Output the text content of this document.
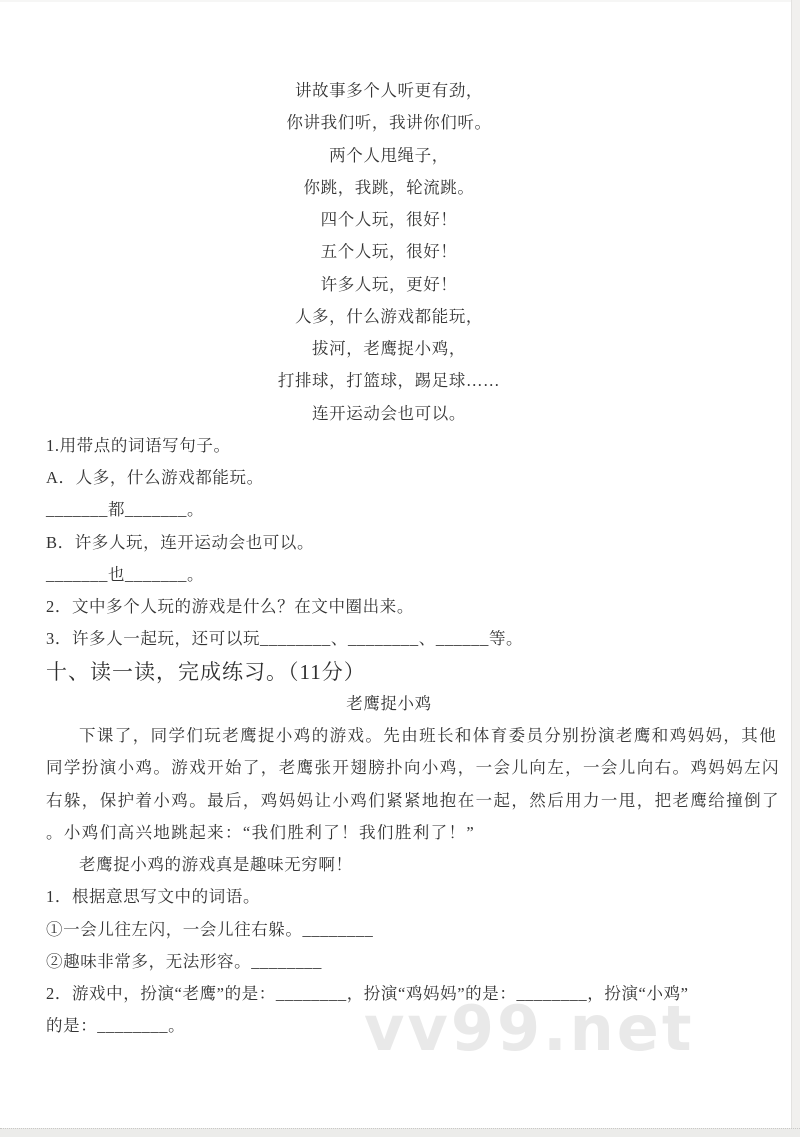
vv99.net
讲故事多个人听更有劲，
你讲我们听，我讲你们听。
两个人甩绳子，
你跳，我跳，轮流跳。
四个人玩，很好！
五个人玩，很好！
许多人玩，更好！
人多，什么游戏都能玩，
拔河，老鹰捉小鸡，
打排球，打篮球，踢足球……
连开运动会也可以。
1.用带点的词语写句子。
A．人多，什么游戏都能玩。
_______都_______。
B．许多人玩，连开运动会也可以。
_______也_______。
2．文中多个人玩的游戏是什么？在文中圈出来。
3．许多人一起玩，还可以玩________、________、______等。
十、读一读，完成练习。（11分）
老鹰捉小鸡
下课了，同学们玩老鹰捉小鸡的游戏。先由班长和体育委员分别扮演老鹰和鸡妈妈，其他
同学扮演小鸡。游戏开始了，老鹰张开翅膀扑向小鸡，一会儿向左，一会儿向右。鸡妈妈左闪
右躲，保护着小鸡。最后，鸡妈妈让小鸡们紧紧地抱在一起，然后用力一甩，把老鹰给撞倒了
。小鸡们高兴地跳起来：“我们胜利了！我们胜利了！”
老鹰捉小鸡的游戏真是趣味无穷啊！
1．根据意思写文中的词语。
①一会儿往左闪，一会儿往右躲。________
②趣味非常多，无法形容。________
2．游戏中，扮演“老鹰”的是：________，扮演“鸡妈妈”的是：________，扮演“小鸡”
的是：________。
